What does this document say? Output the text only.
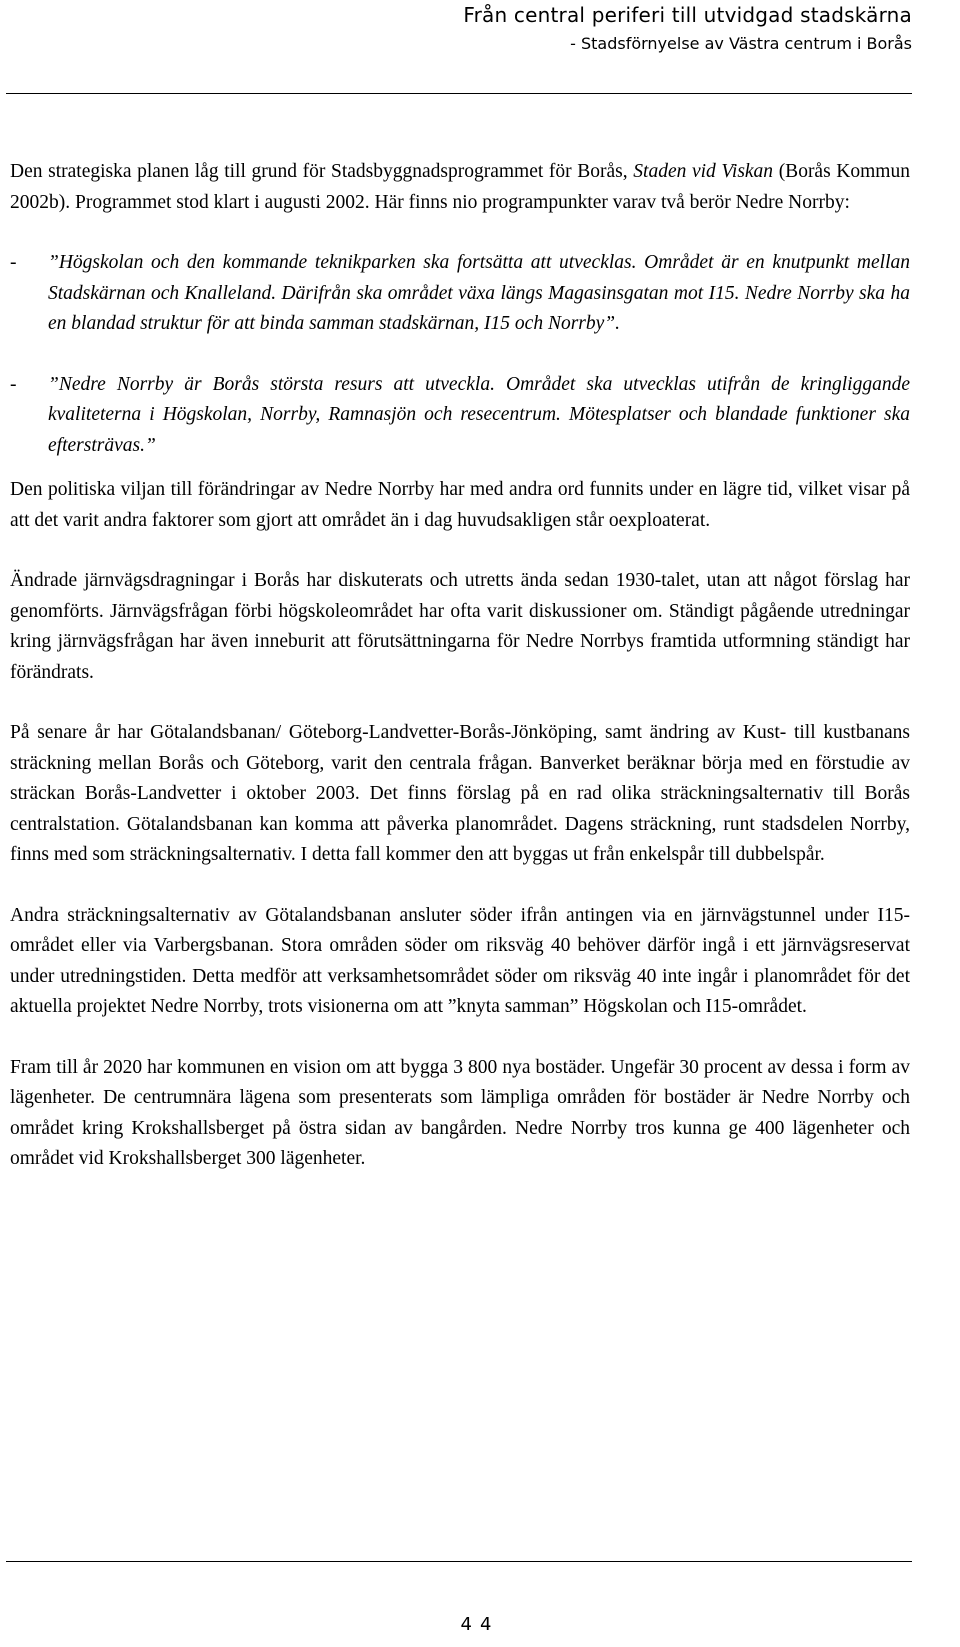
Från central periferi till utvidgad stadskärna
- Stadsförnyelse av Västra centrum i Borås

Den strategiska planen låg till grund för Stadsbyggnadsprogrammet för Borås, Staden vid Viskan (Borås Kommun 2002b). Programmet stod klart i augusti 2002. Här finns nio programpunkter varav två berör Nedre Norrby:

- ”Högskolan och den kommande teknikparken ska fortsätta att utvecklas. Området är en knutpunkt mellan Stadskärnan och Knalleland. Därifrån ska området växa längs Magasinsgatan mot I15. Nedre Norrby ska ha en blandad struktur för att binda samman stadskärnan, I15 och Norrby”.
- ”Nedre Norrby är Borås största resurs att utveckla. Området ska utvecklas utifrån de kringliggande kvaliteterna i Högskolan, Norrby, Ramnasjön och resecentrum. Mötesplatser och blandade funktioner ska eftersträvas.”

Den politiska viljan till förändringar av Nedre Norrby har med andra ord funnits under en lägre tid, vilket visar på att det varit andra faktorer som gjort att området än i dag huvudsakligen står oexploaterat.

Ändrade järnvägsdragningar i Borås har diskuterats och utretts ända sedan 1930-talet, utan att något förslag har genomförts. Järnvägsfrågan förbi högskoleområdet har ofta varit diskussioner om. Ständigt pågående utredningar kring järnvägsfrågan har även inneburit att förutsättningarna för Nedre Norrbys framtida utformning ständigt har förändrats.

På senare år har Götalandsbanan/ Göteborg-Landvetter-Borås-Jönköping, samt ändring av Kust- till kustbanans sträckning mellan Borås och Göteborg, varit den centrala frågan. Banverket beräknar börja med en förstudie av sträckan Borås-Landvetter i oktober 2003. Det finns förslag på en rad olika sträckningsalternativ till Borås centralstation. Götalandsbanan kan komma att påverka planområdet. Dagens sträckning, runt stadsdelen Norrby, finns med som sträckningsalternativ. I detta fall kommer den att byggas ut från enkelspår till dubbelspår.

Andra sträckningsalternativ av Götalandsbanan ansluter söder ifrån antingen via en järnvägstunnel under I15-området eller via Varbergsbanan. Stora områden söder om riksväg 40 behöver därför ingå i ett järnvägsreservat under utredningstiden. Detta medför att verksamhetsområdet söder om riksväg 40 inte ingår i planområdet för det aktuella projektet Nedre Norrby, trots visionerna om att ”knyta samman” Högskolan och I15-området.

Fram till år 2020 har kommunen en vision om att bygga 3 800 nya bostäder. Ungefär 30 procent av dessa i form av lägenheter. De centrumnära lägena som presenterats som lämpliga områden för bostäder är Nedre Norrby och området kring Krokshallsberget på östra sidan av bangården. Nedre Norrby tros kunna ge 400 lägenheter och området vid Krokshallsberget 300 lägenheter.

44
